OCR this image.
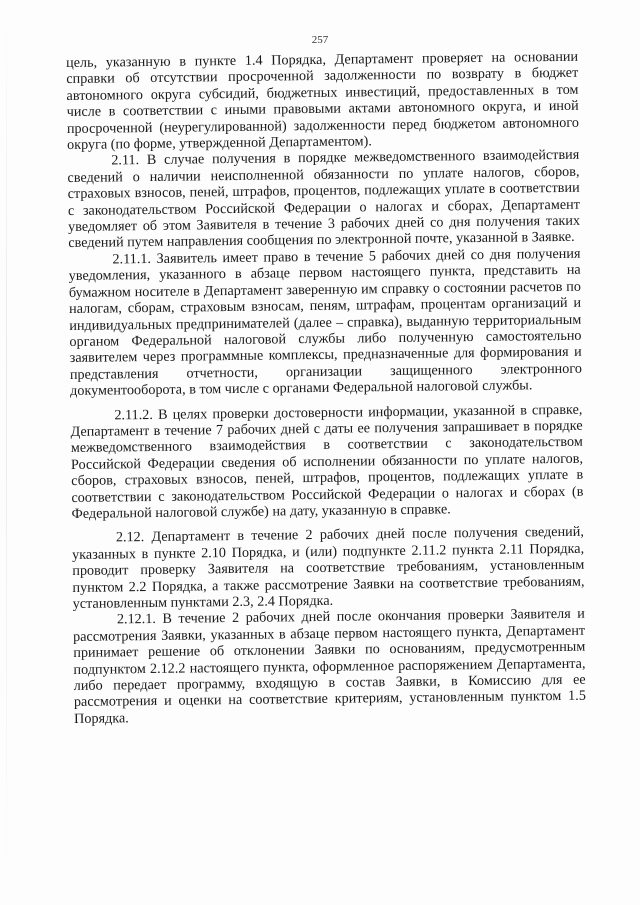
257

цель, указанную в пункте 1.4 Порядка, Департамент проверяет на основании справки об отсутствии просроченной задолженности по возврату в бюджет автономного округа субсидий, бюджетных инвестиций, предоставленных в том числе в соответствии с иными правовыми актами автономного округа, и иной просроченной (неурегулированной) задолженности перед бюджетом автономного округа (по форме, утвержденной Департаментом).

2.11. В случае получения в порядке межведомственного взаимодействия сведений о наличии неисполненной обязанности по уплате налогов, сборов, страховых взносов, пеней, штрафов, процентов, подлежащих уплате в соответствии с законодательством Российской Федерации о налогах и сборах, Департамент уведомляет об этом Заявителя в течение 3 рабочих дней со дня получения таких сведений путем направления сообщения по электронной почте, указанной в Заявке.

2.11.1. Заявитель имеет право в течение 5 рабочих дней со дня получения уведомления, указанного в абзаце первом настоящего пункта, представить на бумажном носителе в Департамент заверенную им справку о состоянии расчетов по налогам, сборам, страховым взносам, пеням, штрафам, процентам организаций и индивидуальных предпринимателей (далее – справка), выданную территориальным органом Федеральной налоговой службы либо полученную самостоятельно заявителем через программные комплексы, предназначенные для формирования и представления отчетности, организации защищенного электронного документооборота, в том числе с органами Федеральной налоговой службы.

2.11.2. В целях проверки достоверности информации, указанной в справке, Департамент в течение 7 рабочих дней с даты ее получения запрашивает в порядке межведомственного взаимодействия в соответствии с законодательством Российской Федерации сведения об исполнении обязанности по уплате налогов, сборов, страховых взносов, пеней, штрафов, процентов, подлежащих уплате в соответствии с законодательством Российской Федерации о налогах и сборах (в Федеральной налоговой службе) на дату, указанную в справке.

2.12. Департамент в течение 2 рабочих дней после получения сведений, указанных в пункте 2.10 Порядка, и (или) подпункте 2.11.2 пункта 2.11 Порядка, проводит проверку Заявителя на соответствие требованиям, установленным пунктом 2.2 Порядка, а также рассмотрение Заявки на соответствие требованиям, установленным пунктами 2.3, 2.4 Порядка.

2.12.1. В течение 2 рабочих дней после окончания проверки Заявителя и рассмотрения Заявки, указанных в абзаце первом настоящего пункта, Департамент принимает решение об отклонении Заявки по основаниям, предусмотренным подпунктом 2.12.2 настоящего пункта, оформленное распоряжением Департамента, либо передает программу, входящую в состав Заявки, в Комиссию для ее рассмотрения и оценки на соответствие критериям, установленным пунктом 1.5 Порядка.
